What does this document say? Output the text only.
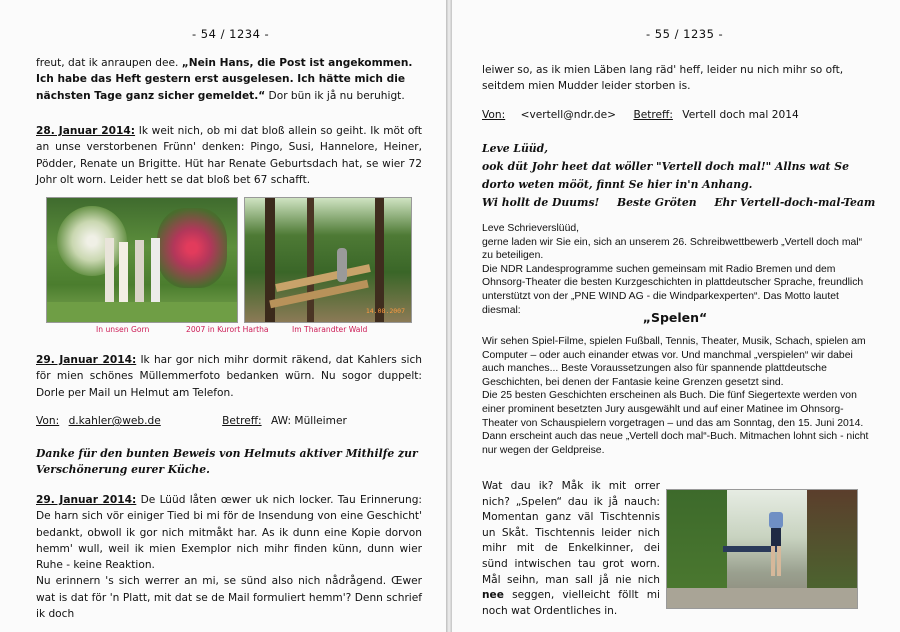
- 54 / 1234 -
freut, dat ik anraupen dee. „Nein Hans, die Post ist angekommen.
Ich habe das Heft gestern erst ausgelesen. Ich hätte mich die
nächsten Tage ganz sicher gemeldet.“ Dor bün ik jå nu beruhigt.

28. Januar 2014: Ik weit nich, ob mi dat bloß allein so geiht. Ik möt oft an unse verstorbenen Frünn' denken: Pingo, Susi, Hannelore, Heiner, Pödder, Renate un Brigitte. Hüt har Renate Geburtsdach hat, se wier 72 Johr olt worn. Leider hett se dat bloß bet 67 schafft.

14.08.2007
In unsen Gorn	2007 in Kurort Hartha	Im Tharandter Wald

29. Januar 2014: Ik har gor nich mihr dormit räkend, dat Kahlers sich för mien schönes Müllemmerfoto bedanken würn. Nu sogor duppelt: Dorle per Mail un Helmut am Telefon.

Von: d.kahler@web.de	Betreff: AW: Mülleimer
Danke für den bunten Beweis von Helmuts aktiver Mithilfe zur
Verschönerung eurer Küche.

29. Januar 2014: De Lüüd låten œwer uk nich locker. Tau Erinnerung: De harn sich vör einiger Tied bi mi för de Insendung von eine Geschicht' bedankt, obwoll ik gor nich mitmåkt har. As ik dunn eine Kopie dorvon hemm' wull, weil ik mien Exemplor nich mihr finden künn, dunn wier Ruhe - keine Reaktion.
Nu erinnern 's sich werrer an mi, se sünd also nich nådrågend. Œwer wat is dat för 'n Platt, mit dat se de Mail formuliert hemm'? Denn schrief ik doch

- 55 / 1235 -

leiwer so, as ik mien Läben lang räd' heff, leider nu nich mihr so oft, seitdem mien Mudder leider storben is.

Von: <vertell@ndr.de> Betreff: Vertell doch mal 2014
Leve Lüüd,
ook düt Johr heet dat wöller "Vertell doch mal!" Allns wat Se
dorto weten mööt, finnt Se hier in'n Anhang.
Wi hollt de Duums! Beste Gröten Ehr Vertell-doch-mal-Team

Leve Schrieverslüüd,
gerne laden wir Sie ein, sich an unserem 26. Schreibwettbewerb „Vertell doch mal“ zu beteiligen.
Die NDR Landesprogramme suchen gemeinsam mit Radio Bremen und dem Ohnsorg-Theater die besten Kurzgeschichten in plattdeutscher Sprache, freundlich unterstützt von der „PNE WIND AG - die Windparkexperten“. Das Motto lautet diesmal:	„Spelen“

Wir sehen Spiel-Filme, spielen Fußball, Tennis, Theater, Musik, Schach, spielen am Computer – oder auch einander etwas vor. Und manchmal „verspielen“ wir dabei auch manches... Beste Voraussetzungen also für spannende plattdeutsche Geschichten, bei denen der Fantasie keine Grenzen gesetzt sind.
Die 25 besten Geschichten erscheinen als Buch. Die fünf Siegertexte werden von einer prominent besetzten Jury ausgewählt und auf einer Matinee im Ohnsorg-Theater von Schauspielern vorgetragen – und das am Sonntag, den 15. Juni 2014. Dann erscheint auch das neue „Vertell doch mal“-Buch. Mitmachen lohnt sich - nicht nur wegen der Geldpreise.

Wat dau ik? Måk ik mit orrer nich? „Spelen“ dau ik jå nauch: Momentan ganz väl Tischtennis un Skåt. Tischtennis leider nich mihr mit de Enkelkinner, dei sünd intwischen tau grot worn. Mål seihn, man sall jå nie nich nee seggen, vielleicht föllt mi noch wat Ordentliches in.
